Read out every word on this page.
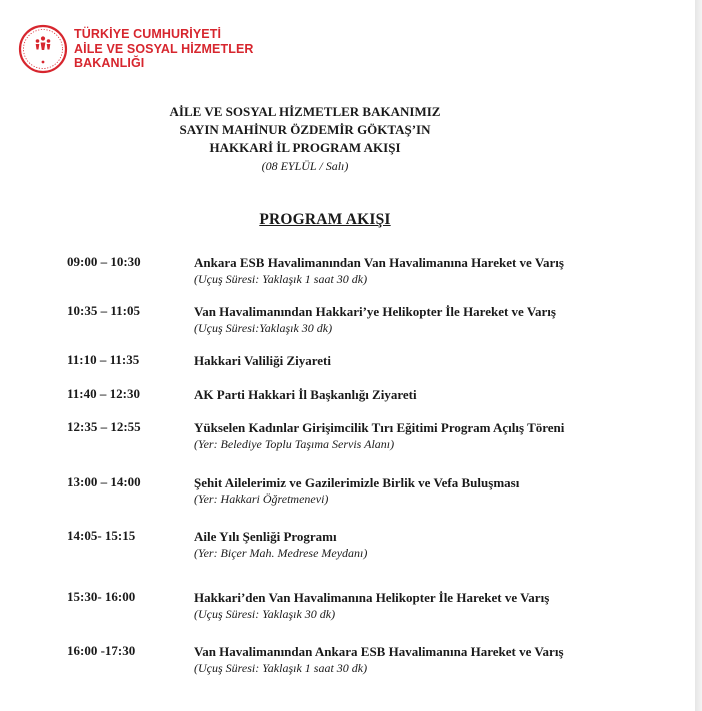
TÜRKİYE CUMHURİYETİ
AİLE VE SOSYAL HİZMETLER
BAKANLIĞI
AİLE VE SOSYAL HİZMETLER BAKANIMIZ
SAYIN MAHİNUR ÖZDEMİR GÖKTAŞ’IN
HAKKARİ İL PROGRAM AKIŞI
(08 EYLÜL / Salı)
PROGRAM AKIŞI
09:00 – 10:30	Ankara ESB Havalimanından Van Havalimanına Hareket ve Varış
(Uçuş Süresi: Yaklaşık 1 saat 30 dk)
10:35 – 11:05	Van Havalimanından Hakkari’ye Helikopter İle Hareket ve Varış
(Uçuş Süresi:Yaklaşık 30 dk)
11:10 – 11:35	Hakkari Valiliği Ziyareti
11:40 – 12:30	AK Parti Hakkari İl Başkanlığı Ziyareti
12:35 – 12:55	Yükselen Kadınlar Girişimcilik Tırı Eğitimi Program Açılış Töreni
(Yer: Belediye Toplu Taşıma Servis Alanı)
13:00 – 14:00	Şehit Ailelerimiz ve Gazilerimizle Birlik ve Vefa Buluşması
(Yer: Hakkari Öğretmenevi)
14:05- 15:15	Aile Yılı Şenliği Programı
(Yer: Biçer Mah. Medrese Meydanı)
15:30- 16:00	Hakkari’den Van Havalimanına Helikopter İle Hareket ve Varış
(Uçuş Süresi: Yaklaşık 30 dk)
16:00 -17:30	Van Havalimanından Ankara ESB Havalimanına Hareket ve Varış
(Uçuş Süresi: Yaklaşık 1 saat 30 dk)
